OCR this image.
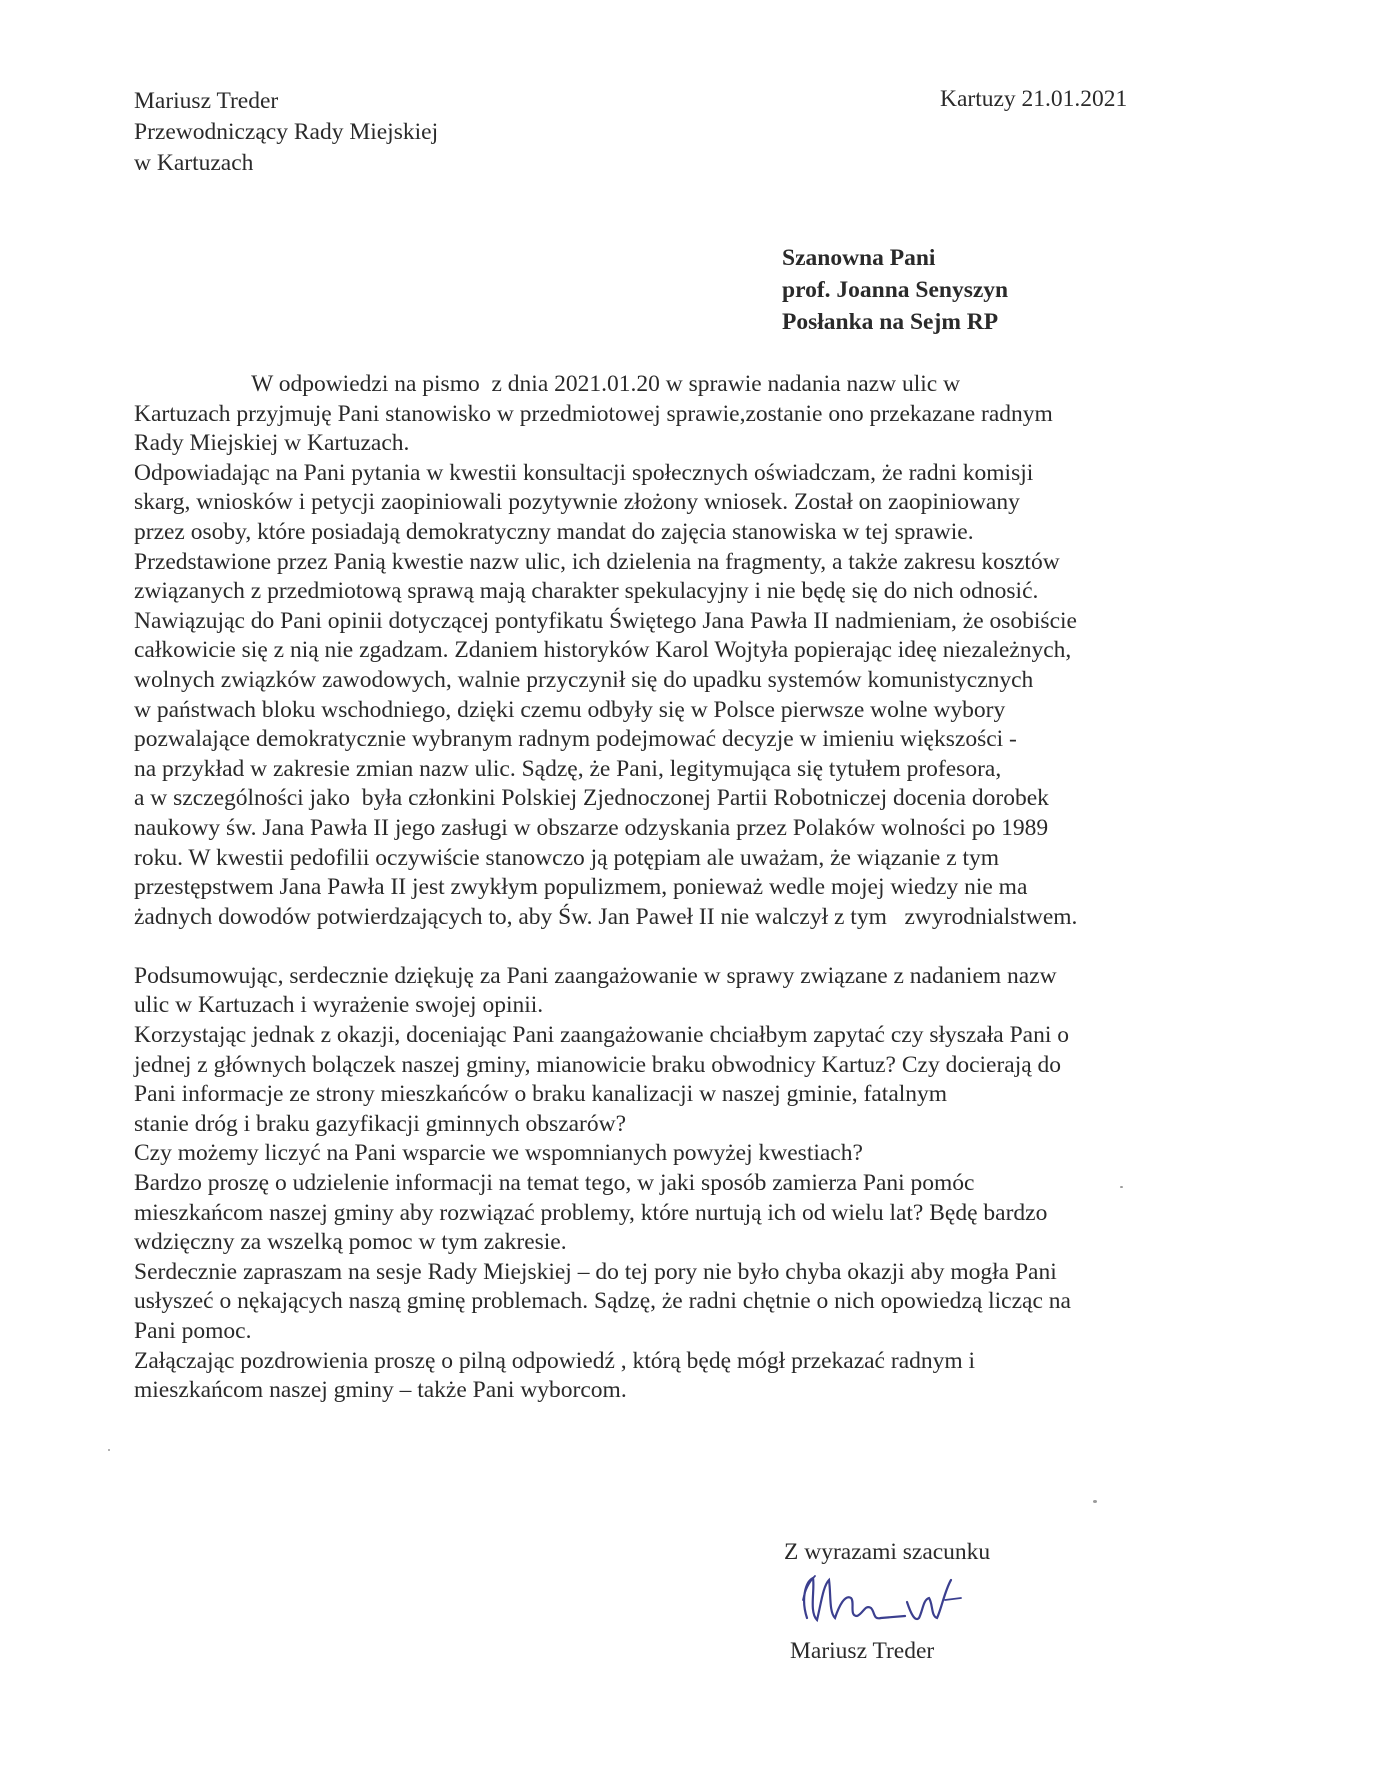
Mariusz Treder
Przewodniczący Rady Miejskiej
w Kartuzach
Kartuzy 21.01.2021
Szanowna Pani
prof. Joanna Senyszyn
Posłanka na Sejm RP
W odpowiedzi na pismo  z dnia 2021.01.20 w sprawie nadania nazw ulic w
Kartuzach przyjmuję Pani stanowisko w przedmiotowej sprawie,zostanie ono przekazane radnym
Rady Miejskiej w Kartuzach.
Odpowiadając na Pani pytania w kwestii konsultacji społecznych oświadczam, że radni komisji
skarg, wniosków i petycji zaopiniowali pozytywnie złożony wniosek. Został on zaopiniowany
przez osoby, które posiadają demokratyczny mandat do zajęcia stanowiska w tej sprawie.
Przedstawione przez Panią kwestie nazw ulic, ich dzielenia na fragmenty, a także zakresu kosztów
związanych z przedmiotową sprawą mają charakter spekulacyjny i nie będę się do nich odnosić.
Nawiązując do Pani opinii dotyczącej pontyfikatu Świętego Jana Pawła II nadmieniam, że osobiście
całkowicie się z nią nie zgadzam. Zdaniem historyków Karol Wojtyła popierając ideę niezależnych,
wolnych związków zawodowych, walnie przyczynił się do upadku systemów komunistycznych
w państwach bloku wschodniego, dzięki czemu odbyły się w Polsce pierwsze wolne wybory
pozwalające demokratycznie wybranym radnym podejmować decyzje w imieniu większości -
na przykład w zakresie zmian nazw ulic. Sądzę, że Pani, legitymująca się tytułem profesora,
a w szczególności jako  była członkini Polskiej Zjednoczonej Partii Robotniczej docenia dorobek
naukowy św. Jana Pawła II jego zasługi w obszarze odzyskania przez Polaków wolności po 1989
roku. W kwestii pedofilii oczywiście stanowczo ją potępiam ale uważam, że wiązanie z tym
przestępstwem Jana Pawła II jest zwykłym populizmem, ponieważ wedle mojej wiedzy nie ma
żadnych dowodów potwierdzających to, aby Św. Jan Paweł II nie walczył z tym   zwyrodnialstwem.
Podsumowując, serdecznie dziękuję za Pani zaangażowanie w sprawy związane z nadaniem nazw
ulic w Kartuzach i wyrażenie swojej opinii.
Korzystając jednak z okazji, doceniając Pani zaangażowanie chciałbym zapytać czy słyszała Pani o
jednej z głównych bolączek naszej gminy, mianowicie braku obwodnicy Kartuz? Czy docierają do
Pani informacje ze strony mieszkańców o braku kanalizacji w naszej gminie, fatalnym
stanie dróg i braku gazyfikacji gminnych obszarów?
Czy możemy liczyć na Pani wsparcie we wspomnianych powyżej kwestiach?
Bardzo proszę o udzielenie informacji na temat tego, w jaki sposób zamierza Pani pomóc
mieszkańcom naszej gminy aby rozwiązać problemy, które nurtują ich od wielu lat? Będę bardzo
wdzięczny za wszelką pomoc w tym zakresie.
Serdecznie zapraszam na sesje Rady Miejskiej – do tej pory nie było chyba okazji aby mogła Pani
usłyszeć o nękających naszą gminę problemach. Sądzę, że radni chętnie o nich opowiedzą licząc na
Pani pomoc.
Załączając pozdrowienia proszę o pilną odpowiedź , którą będę mógł przekazać radnym i
mieszkańcom naszej gminy – także Pani wyborcom.
Z wyrazami szacunku
Mariusz Treder
